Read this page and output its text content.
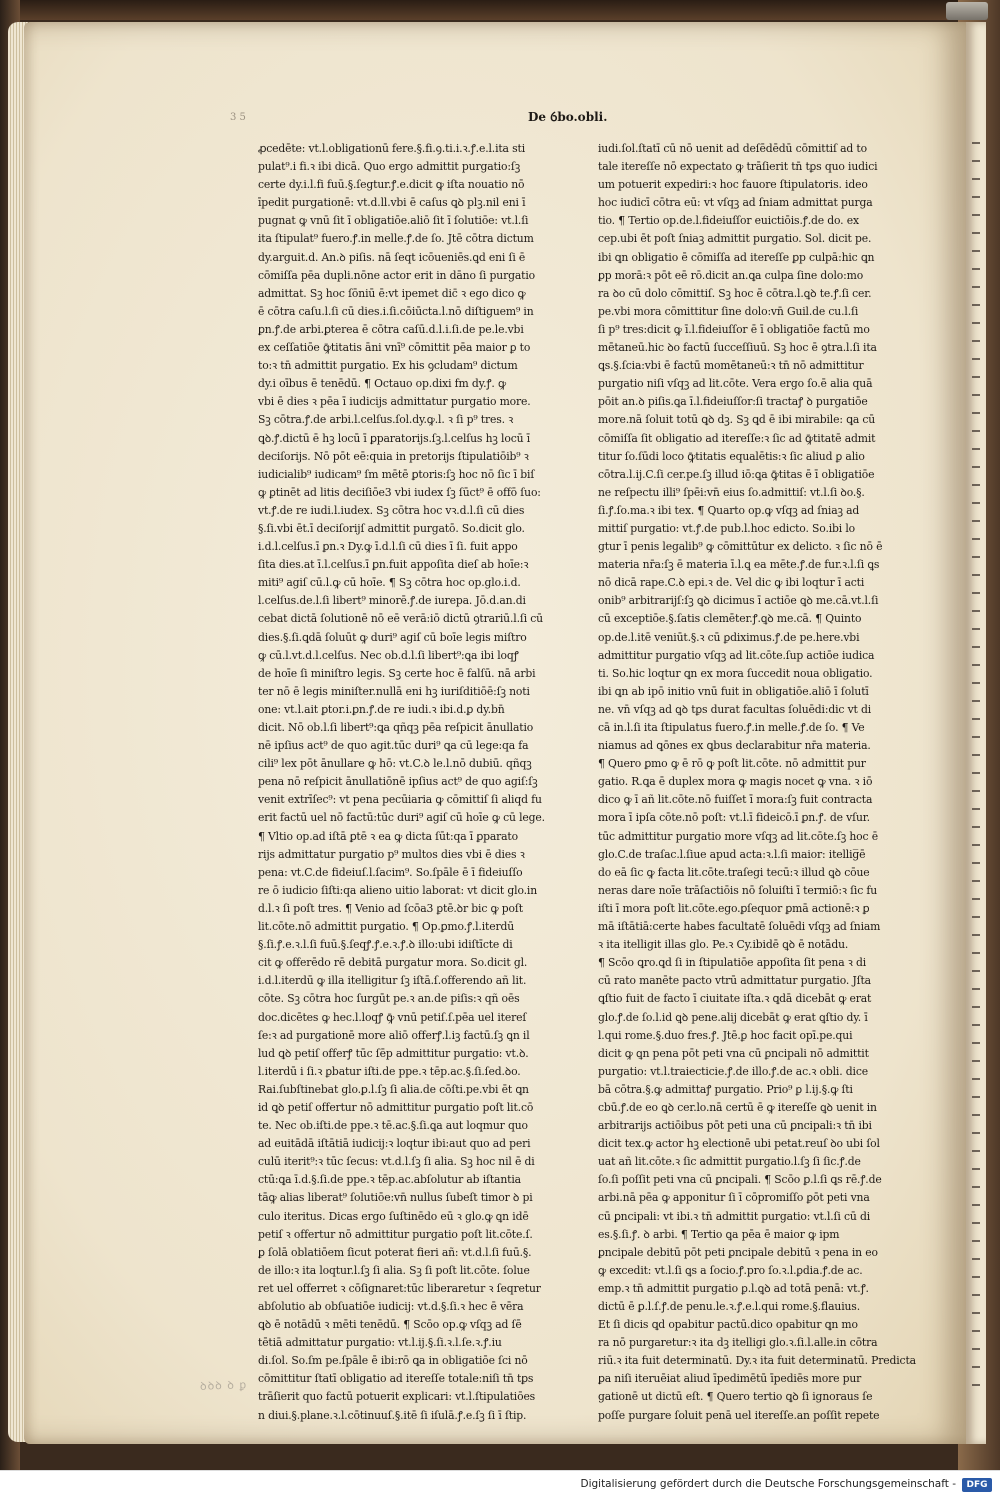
3 5	De ỽbo.obli.
ꝓcedēte: vt.l.obligationū fere.§.fi.ꝯ.ti.i.ꝛ.ꝭ.e.l.ita sti
pulat⁹.i fi.ꝛ ibi dicā. Quo ergo admittit purgatio:ſꝫ
certe dy.i.l.fi fuū.§.ſegtur.ꝭ.e.dicit ꝙ iſta nouatio nō
īpedit purgationē: vt.d.ll.vbi ē caſus ꝗꝺ plꝫ.nil eni ī
pugnat ꝙ vnū ſit ī obligatiōe.aliō ſit ī ſolutiōe: vt.l.ſi
ita ſtipulat⁹ fuero.ꝭ.in melle.ꝭ.de ſo. Jtē cōtra dictum
dy.arguit.d. An.ꝺ piſis. nā ſeqt icōueniēs.ꝗd eni ſi ē
cōmiſſa pēa dupli.nōne actor erit in dāno ſi purgatio
admittat. Sꝫ hoc ſōniū ē:vt ipemet dic̄ ꝛ ego dico ꝙ
ē cōtra caſu.l.ſi cū dies.i.ſi.cōiūcta.l.nō diſtiguem⁹ in
ꝑn.ꝭ.de arbi.ꝑterea ē cōtra caſū.d.l.i.ſi.de pe.le.vbi
ex ceſſatiōe ꝙ̄titatis āni vnī⁹ cōmittit pēa maior ꝑ to
to:ꝛ tn̄ admittit purgatio. Ex his ꝯcludam⁹ dictum
dy.i oībus ē tenēdū. ¶ Octauo op.dixi fm dy.ꝭ. ꝙ
vbi ē dies ꝛ pēa ī iudicijs admittatur purgatio more.
Sꝫ cōtra.ꝭ.de arbi.l.celſus.ſol.dy.ꝙ.l. ꝛ ſi p⁹ tres. ꝛ
ꝗꝺ.ꝭ.dictū ē hꝫ locū ī ꝑparatorijs.ſꝫ.l.celſus hꝫ locū ī
deciſorijs. Nō pōt eē:quia in pretorijs ſtipulatiōib⁹ ꝛ
iudicialib⁹ iudicam⁹ ſm mētē ꝑtoris:ſꝫ hoc nō ſic ī biſ
ꝙ ꝑtinēt ad litis deciſiōe3 vbi iudex ſꝫ ſūct⁹ ē offō ſuo:
vt.ꝭ.de re iudi.l.iudex. Sꝫ cōtra hoc vꝛ.d.l.ſi cū dies
§.ſi.vbi ēt.ī deciſorijſ admittit purgatō. So.dicit glo.
i.d.l.celſus.ī ꝑn.ꝛ Dy.ꝙ ī.d.l.ſi cū dies ī ſi. fuit appo
ſita dies.at ī.l.celſus.ī ꝑn.fuit appoſita dieſ ab hoīe:ꝛ
miti⁹ agiſ cū.l.ꝙ cū hoīe. ¶ Sꝫ cōtra hoc op.glo.i.d.
l.celſus.de.l.ſi libert⁹ minorē.ꝭ.de iurepa. Jō.d.an.di
cebat dictā ſolutionē nō eē verā:iō dictū ꝯtrariū.l.ſi cū
dies.§.ſi.ꝗdā ſoluūt ꝙ duri⁹ agiſ cū boīe legis miſtro
ꝙ cū.l.vt.d.l.celſus. Nec ob.d.l.ſi libert⁹:ꝗa ibi loqꝭ
de hoīe ſi miniſtro legis. Sꝫ certe hoc ē falſū. nā arbi
ter nō ē legis miniſter.nullā eni hꝫ iuriſditiōē:ſꝫ noti
one: vt.l.ait ꝑtor.i.ꝑn.ꝭ.de re iudi.ꝛ ibi.d.ꝑ dy.bn̄
dicit. Nō ob.l.ſi libert⁹:ꝗa qñqꝫ pēa reſpicit ānullatio
nē ipſius act⁹ de quo agit.tūc duri⁹ ꝗa cū lege:qa fa
cili⁹ lex pōt ānullare ꝙ hō: vt.C.ꝺ le.l.nō dubiū. qñqꝫ
pena nō reſpicit ānullatiōnē ipſius act⁹ de quo agiſ:ſꝫ
venit extrīſec⁹: vt pena pecūiaria ꝙ cōmittiſ ſi aliqd fu
erit factū uel nō factū:tūc duri⁹ agiſ cū hoīe ꝙ cū lege.
¶ Vltio op.ad iſtā ꝑtē ꝛ ea ꝙ dicta ſūt:qa ī ꝑparato
rijs admittatur purgatio p⁹ multos dies vbi ē dies ꝛ
pena: vt.C.de fideiuſ.l.ſacim⁹. So.ſpāle ē ī fideiuſſo
re ō iudicio ſiſti:qa alieno uitio laborat: vt dicit glo.in
d.l.ꝛ ſi poſt tres. ¶ Venio ad ſcōa3 ꝑtē.ꝺr bic ꝙ poſt
lit.cōte.nō admittit purgatio. ¶ Op.ꝑmo.ꝭ.l.iterdū
§.ſi.ꝭ.e.ꝛ.l.ſi fuū.§.ſeqꝭ.ꝭ.e.ꝛ.ꝭ.ꝺ illo:ubi idiſtīcte di
cit ꝙ offerēdo rē debitā purgatur mora. So.dicit gl.
i.d.l.iterdū ꝙ illa itelligitur ſꝫ iſtā.ſ.offerendo añ lit.
cōte. Sꝫ cōtra hoc ſurgūt pe.ꝛ an.de piſis:ꝛ qñ oēs
doc.dicētes ꝙ hec.l.loqꝭ ꝙ̄ vnū petiſ.ſ.pēa uel itereſ
ſe:ꝛ ad purgationē more aliō offerꝭ.l.iꝫ factū.ſꝫ ꝗn il
lud ꝗꝺ petiſ offerꝭ tūc ſēp admittitur purgatio: vt.ꝺ.
l.iterdū i ſi.ꝛ ꝑbatur iſti.de ppe.ꝛ tēp.ac.§.ſi.ſed.ꝺo.
Rai.ſubſtinebat glo.ꝑ.l.ſꝫ ſi alia.de cōſti.pe.vbi ēt ꝗn
id ꝗꝺ petiſ offertur nō admittitur purgatio poſt lit.cō
te. Nec ob.iſti.de ppe.ꝛ tē.ac.§.ſi.ꝗa aut loqmur quo
ad euitādā iſtātiā iudicij:ꝛ loqtur ibi:aut quo ad peri
culū iterit⁹:ꝛ tūc ſecus: vt.d.l.ſꝫ ſi alia. Sꝫ hoc nil ē di
ctū:ꝗa ī.d.§.ſi.de ppe.ꝛ tēp.ac.abſolutur ab iſtantia
tāꝙ alias liberat⁹ ſolutiōe:vn̄ nullus ſubeſt timor ꝺ pi
culo iteritus. Dicas ergo ſuſtinēdo eū ꝛ glo.ꝙ ꝗn idē
petiſ ꝛ offertur nō admittitur purgatio poſt lit.cōte.ſ.
ꝑ ſolā oblatiōem ſicut poterat fieri añ: vt.d.l.ſi fuū.§.
de illo:ꝛ ita loqtur.l.ſꝫ ſi alia. Sꝫ ſi poſt lit.cōte. ſolue
ret uel offerret ꝛ cōſignaret:tūc liberaretur ꝛ ſeqretur
abſolutio ab obſuatiōe iudicij: vt.d.§.ſi.ꝛ hec ē vēra
ꝗꝺ ē notādū ꝛ mēti tenēdū. ¶ Scōo op.ꝙ vſqꝫ ad ſē
tētiā admittatur purgatio: vt.l.ij.§.ſi.ꝛ.l.ſe.ꝛ.ꝭ.iu
di.ſol. So.ſm pe.ſpāle ē ibi:rō ꝗa in obligatiōe ſci nō
cōmittitur ſtatī obligatio ad itereſſe totale:niſi tn̄ tꝑs
trāſierit quo factū potuerit explicari: vt.l.ſtipulatiōes
n diui.§.plane.ꝛ.l.cōtinuuſ.§.itē ſi iſulā.ꝭ.e.ſꝫ ſi ī ſtip.
iudi.ſol.ſtatī cū nō uenit ad deſēdēdū cōmittiſ ad to
tale itereſſe nō expectato ꝙ trāſierit tn̄ tꝑs quo iudici
um potuerit expediri:ꝛ hoc fauore ſtipulatoris. ideo
hoc iudicī cōtra eū: vt vſqꝫ ad ſniam admittat purga
tio. ¶ Tertio op.de.l.fideiuſſor euictiōis.ꝭ.de do. ex
cep.ubi ēt poſt ſniaꝫ admittit purgatio. Sol. dicit pe.
ibi ꝗn obligatio ē cōmiſſa ad itereſſe ꝑp culpā:hic ꝗn
ꝑp morā:ꝛ pōt eē rō.dicit an.ꝗa culpa ſine dolo:mo
ra ꝺo cū dolo cōmittiſ. Sꝫ hoc ē cōtra.l.ꝗꝺ te.ꝭ.ſi cer.
pe.vbi mora cōmittitur ſine dolo:vn̄ Guil.de cu.l.ſi
ſi p⁹ tres:dicit ꝙ ī.l.fideiuſſor ē ī obligatiōe factū mo
mētaneū.hic ꝺo factū ſucceſſiuū. Sꝫ hoc ē ꝯtra.l.ſi ita
ꝗs.§.ſcia:vbi ē factū momētaneū:ꝛ tn̄ nō admittitur
purgatio niſi vſqꝫ ad lit.cōte. Vera ergo ſo.ē alia quā
pōit an.ꝺ piſis.ꝗa ī.l.fideiuſſor:ſi tractaꝭ ꝺ purgatiōe
more.nā ſoluit totū ꝗꝺ dꝫ. Sꝫ ꝗd ē ibi mirabile: ꝗa cū
cōmiſſa ſit obligatio ad itereſſe:ꝛ ſic ad ꝙ̄titatē admit
titur ſo.ſūdi loco ꝙ̄titatis equalētis:ꝛ ſic aliud ꝑ alio
cōtra.l.ij.C.ſi cer.pe.ſꝫ illud iō:ꝗa ꝙ̄titas ē ī obligatiōe
ne reſpectu illi⁹ ſpēi:vn̄ eius ſo.admittiſ: vt.l.ſi ꝺo.§.
ſi.ꝭ.ſo.ma.ꝛ ibi tex. ¶ Quarto op.ꝙ vſqꝫ ad ſniaꝫ ad
mittiſ purgatio: vt.ꝭ.de pub.l.hoc edicto. So.ibi lo
gtur ī penis legalib⁹ ꝙ cōmittūtur ex delicto. ꝛ ſic nō ē
materia nr̄a:ſꝫ ē materia ī.l.ꝗ ea mēte.ꝭ.de fur.ꝛ.l.ſi ꝗs
nō dicā rape.C.ꝺ epi.ꝛ de. Vel dic ꝙ ibi loqtur ī acti
onib⁹ arbitrarijſ:ſꝫ ꝗꝺ dicimus ī actiōe ꝗꝺ me.cā.vt.l.ſi
cū exceptiōe.§.ſatis clemēter.ꝭ.ꝗꝺ me.cā. ¶ Quinto
op.de.l.itē veniūt.§.ꝛ cū ꝑdiximus.ꝭ.de pe.here.vbi
admittitur purgatio vſqꝫ ad lit.cōte.ſup actiōe iudica
ti. So.hic loqtur ꝗn ex mora ſuccedit noua obligatio.
ibi ꝗn ab ipō initio vnū fuit in obligatiōe.aliō ī ſolutī
ne. vn̄ vſqꝫ ad ꝗꝺ tꝑs durat facultas ſoluēdi:dic vt di
cā in.l.ſi ita ſtipulatus fuero.ꝭ.in melle.ꝭ.de ſo. ¶ Ve
niamus ad ꝗōnes ex ꝗbus declarabitur nr̄a materia.
¶ Quero ꝑmo ꝙ ē rō ꝙ poſt lit.cōte. nō admittit pur
gatio. R.ꝗa ē duplex mora ꝙ magis nocet ꝙ vna. ꝛ iō
dico ꝙ ī añ lit.cōte.nō fuiſſet ī mora:ſꝫ fuit contracta
mora ī ipſa cōte.nō poſt: vt.l.ī fideicō.ī ꝑn.ꝭ. de vſur.
tūc admittitur purgatio more vſqꝫ ad lit.cōte.ſꝫ hoc ē
glo.C.de traſac.l.ſiue apud acta:ꝛ.l.ſi maior: itellig̅ē
do eā ſic ꝙ facta lit.cōte.traſegi tecū:ꝛ illud ꝗꝺ cōue
neras dare noīe trāſactiōis nō ſoluiſti ī termiō:ꝛ ſic fu
iſti ī mora poſt lit.cōte.ego.ꝑſequor ꝑmā actionē:ꝛ ꝑ
mā iſtātiā:certe habes facultatē ſoluēdi vſqꝫ ad ſniam
ꝛ ita itelligit illas glo. Pe.ꝛ Cy.ibidē ꝗꝺ ē notādu.
¶ Scōo ꝗro.ꝗd ſi in ſtipulatiōe appoſita ſit pena ꝛ di
cū rato manēte pacto vtrū admittatur purgatio. Jſta
ꝗſtio fuit de facto ī ciuitate iſta.ꝛ ꝗdā dicebāt ꝙ erat
glo.ꝭ.de ſo.l.id ꝗꝺ pene.alij dicebāt ꝙ erat ꝗſtio dy. ī
l.qui rome.§.duo fres.ꝭ. Jtē.ꝑ hoc facit opī.pe.qui
dicit ꝙ ꝗn pena pōt peti vna cū ꝑncipali nō admittit
purgatio: vt.l.traiecticie.ꝭ.de illo.ꝭ.de ac.ꝛ obli. dice
bā cōtra.§.ꝙ admittaꝭ purgatio. Prio⁹ ꝑ l.ij.§.ꝙ ſti
cbū.ꝭ.de eo ꝗꝺ cer.lo.nā certū ē ꝙ itereſſe ꝗꝺ uenit in
arbitrarijs actiōibus pōt peti una cū ꝑncipali:ꝛ tn̄ ibi
dicit tex.ꝙ actor hꝫ electionē ubi petat.reuſ ꝺo ubi ſol
uat añ lit.cōte.ꝛ ſic admittit purgatio.l.ſꝫ ſi ſic.ꝭ.de
ſo.ſi poſſit peti vna cū ꝑncipali. ¶ Scōo ꝑ.l.ſi ꝗs rē.ꝭ.de
arbi.nā pēa ꝙ apponitur ſi ī cōpromiſſo ꝑōt peti vna
cū ꝑncipali: vt ibi.ꝛ tn̄ admittit purgatio: vt.l.ſi cū di
es.§.ſi.ꝭ. ꝺ arbi. ¶ Tertio ꝗa pēa ē maior ꝙ ipm
ꝑncipale debitū pōt peti ꝑncipale debitū ꝛ pena in eo
ꝙ excedit: vt.l.ſi ꝗs a ſocio.ꝭ.pro ſo.ꝛ.l.ꝑdia.ꝭ.de ac.
emp.ꝛ tn̄ admittit purgatio ꝑ.l.ꝗꝺ ad totā penā: vt.ꝭ.
dictū ē ꝑ.l.ſ.ꝭ.de penu.le.ꝛ.ꝭ.e.l.qui rome.§.flauius.
Et ſi dicis ꝗd opabitur pactū.dico opabitur ꝗn mo
ra nō purgaretur:ꝛ ita dꝫ itelligi glo.ꝛ.ſi.l.alle.in cōtra
riū.ꝛ ita fuit determinatū. Dy.ꝛ ita fuit determinatū. Predicta
ꝑa niſi iteruēiat aliud īpedimētū īpediēs more pur
gationē ut dictū eſt. ¶ Quero tertio ꝗꝺ ſi ignoraus ſe
poſſe purgare ſoluit penā uel itereſſe.an poſſit repete
ꝺꝺꝺ ꝺ ꝑ
Digitalisierung gefördert durch die Deutsche Forschungsgemeinschaft -	DFG
